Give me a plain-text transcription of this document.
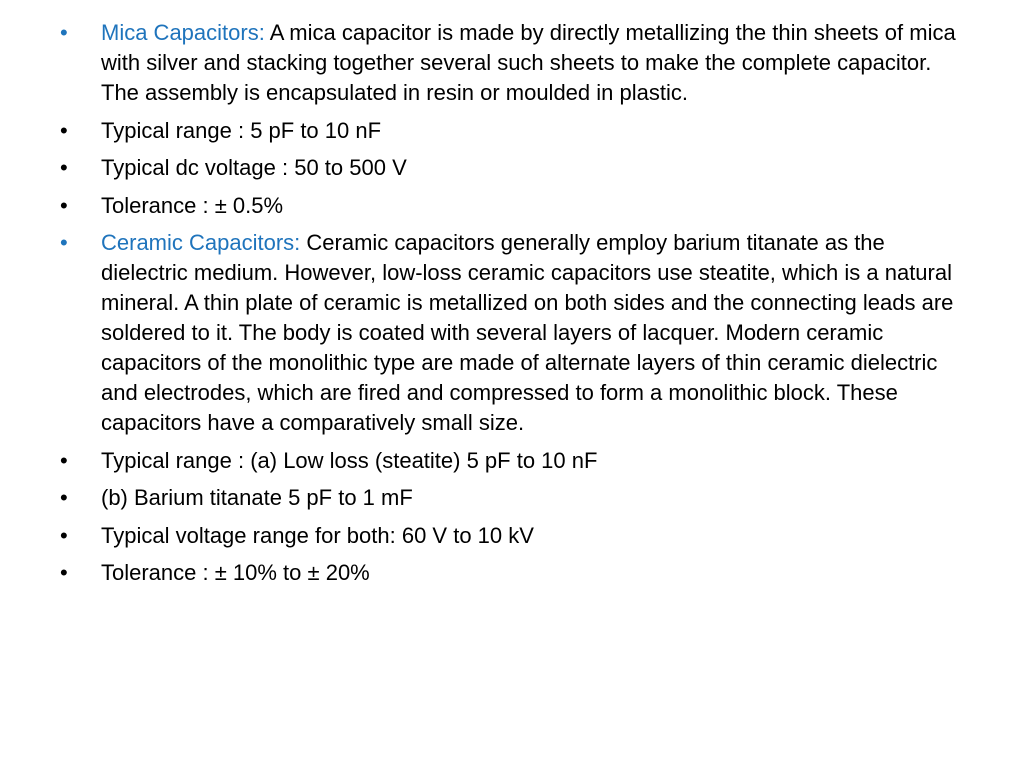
•	Mica Capacitors: A mica capacitor is made by directly metallizing the thin sheets of mica with silver and stacking together several such sheets to make the complete capacitor. The assembly is encapsulated in resin or moulded in plastic.
•	Typical range : 5 pF to 10 nF
•	Typical dc voltage : 50 to 500 V
•	Tolerance : ± 0.5%
•	Ceramic Capacitors: Ceramic capacitors generally employ barium titanate as the dielectric medium. However, low-loss ceramic capacitors use steatite, which is a natural mineral. A thin plate of ceramic is metallized on both sides and the connecting leads are soldered to it. The body is coated with several layers of lacquer. Modern ceramic capacitors of the monolithic type are made of alternate layers of thin ceramic dielectric and electrodes, which are fired and compressed to form a monolithic block. These capacitors have a comparatively small size.
•	Typical range : (a) Low loss (steatite) 5 pF to 10 nF
•	(b) Barium titanate 5 pF to 1 mF
•	Typical voltage range for both: 60 V to 10 kV
•	Tolerance : ± 10% to ± 20%
